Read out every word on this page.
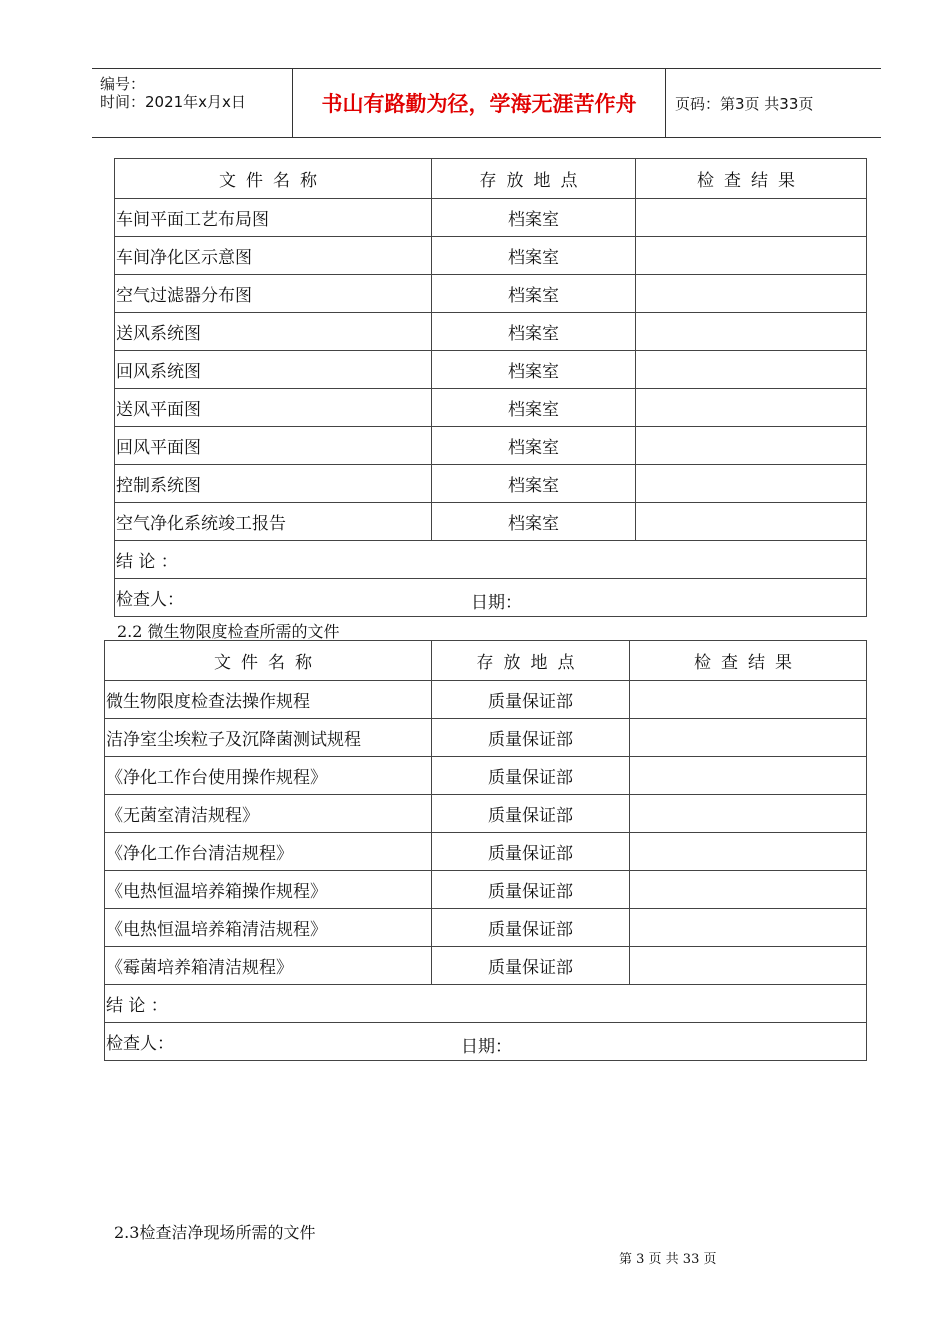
编号：
时间：2021年x月x日	书山有路勤为径，学海无涯苦作舟	页码：第3页 共33页
文件名称	存放地点	检查结果
车间平面工艺布局图	档案室	
车间净化区示意图	档案室	
空气过滤器分布图	档案室	
送风系统图	档案室	
回风系统图	档案室	
送风平面图	档案室	
回风平面图	档案室	
控制系统图	档案室	
空气净化系统竣工报告	档案室	
结 论 ：		
检查人： 日期：		
2.2 微生物限度检查所需的文件
文件名称	存放地点	检查结果
微生物限度检查法操作规程	质量保证部	
洁净室尘埃粒子及沉降菌测试规程	质量保证部	
《净化工作台使用操作规程》	质量保证部	
《无菌室清洁规程》	质量保证部	
《净化工作台清洁规程》	质量保证部	
《电热恒温培养箱操作规程》	质量保证部	
《电热恒温培养箱清洁规程》	质量保证部	
《霉菌培养箱清洁规程》	质量保证部	
结 论 ：		
检查人： 日期：		
2.3检查洁净现场所需的文件
第 3 页 共 33 页
